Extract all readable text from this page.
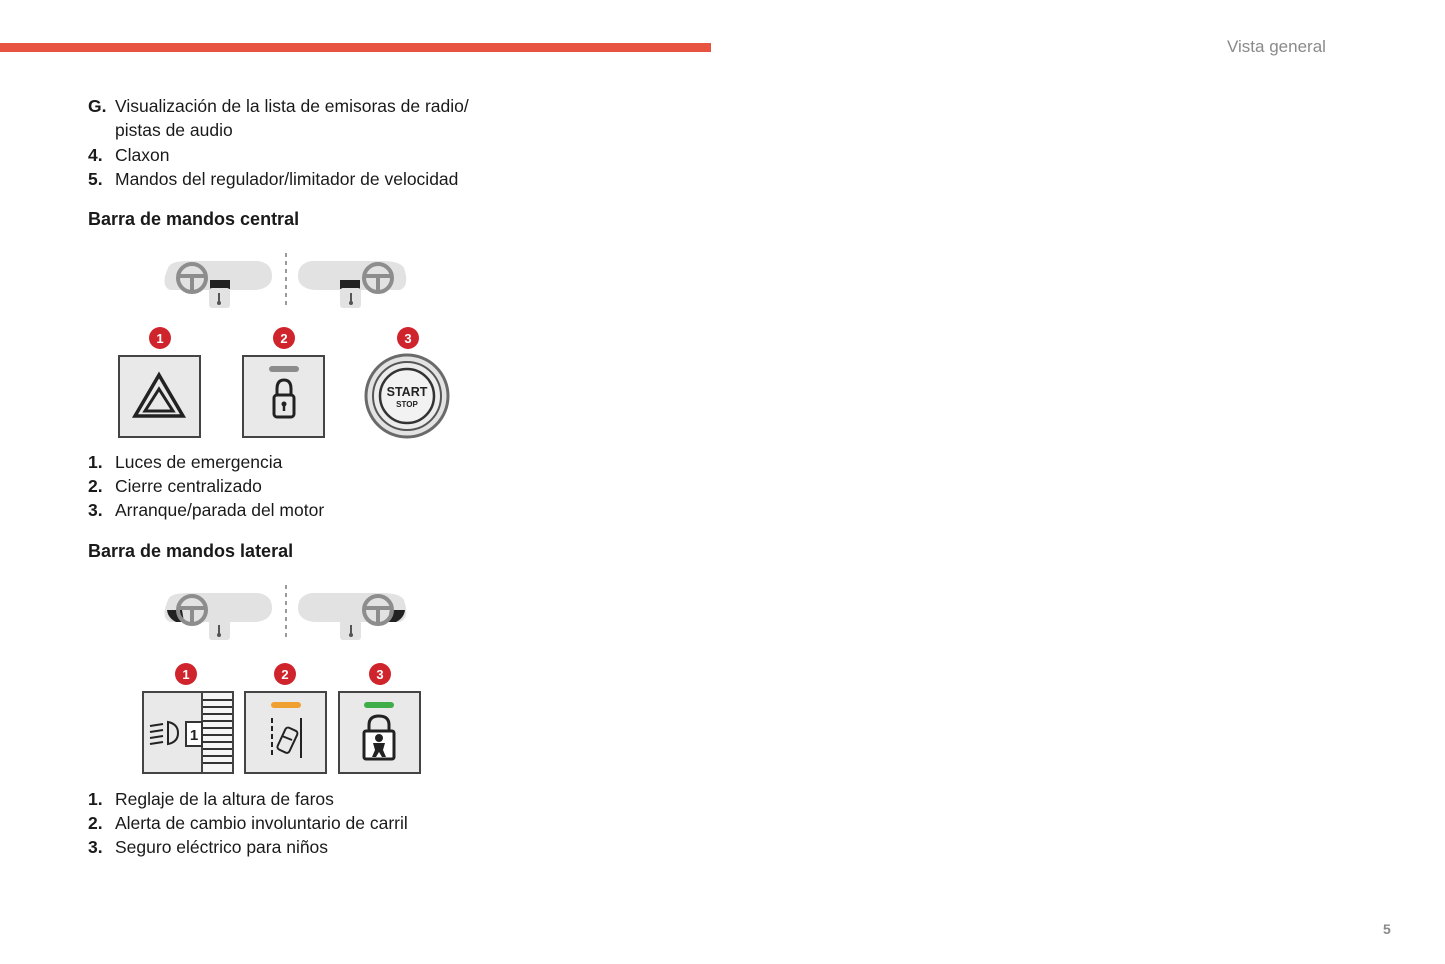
Vista general
G. Visualización de la lista de emisoras de radio/ pistas de audio
4. Claxon
5. Mandos del regulador/limitador de velocidad
Barra de mandos central
1	2	3
START
STOP
1. Luces de emergencia
2. Cierre centralizado
3. Arranque/parada del motor
Barra de mandos lateral
1	2	3
1
1. Reglaje de la altura de faros
2. Alerta de cambio involuntario de carril
3. Seguro eléctrico para niños
5
